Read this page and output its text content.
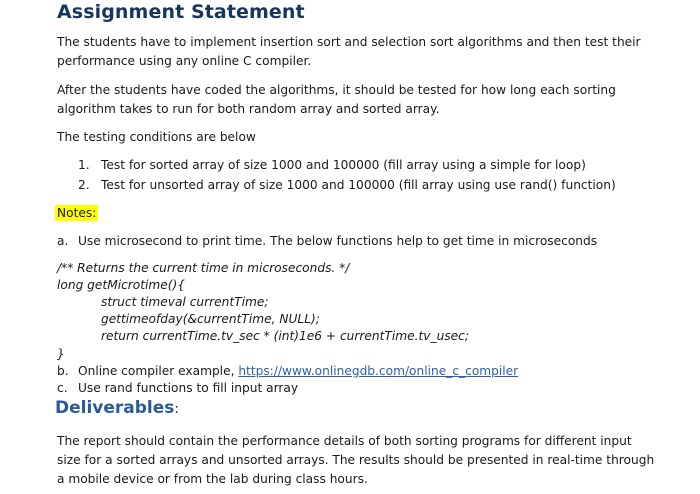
Assignment Statement

The students have to implement insertion sort and selection sort algorithms and then test their performance using any online C compiler.

After the students have coded the algorithms, it should be tested for how long each sorting algorithm takes to run for both random array and sorted array.

The testing conditions are below

1. Test for sorted array of size 1000 and 100000 (fill array using a simple for loop)
2. Test for unsorted array of size 1000 and 100000 (fill array using use rand() function)
Notes:
a. Use microsecond to print time. The below functions help to get time in microseconds
/** Returns the current time in microseconds. */
long getMicrotime(){
struct timeval currentTime;
gettimeofday(&currentTime, NULL);
return currentTime.tv_sec * (int)1e6 + currentTime.tv_usec;
}
b. Online compiler example, https://www.onlinegdb.com/online_c_compiler
c. Use rand functions to fill input array
Deliverables:

The report should contain the performance details of both sorting programs for different input size for a sorted arrays and unsorted arrays. The results should be presented in real-time through a mobile device or from the lab during class hours.
